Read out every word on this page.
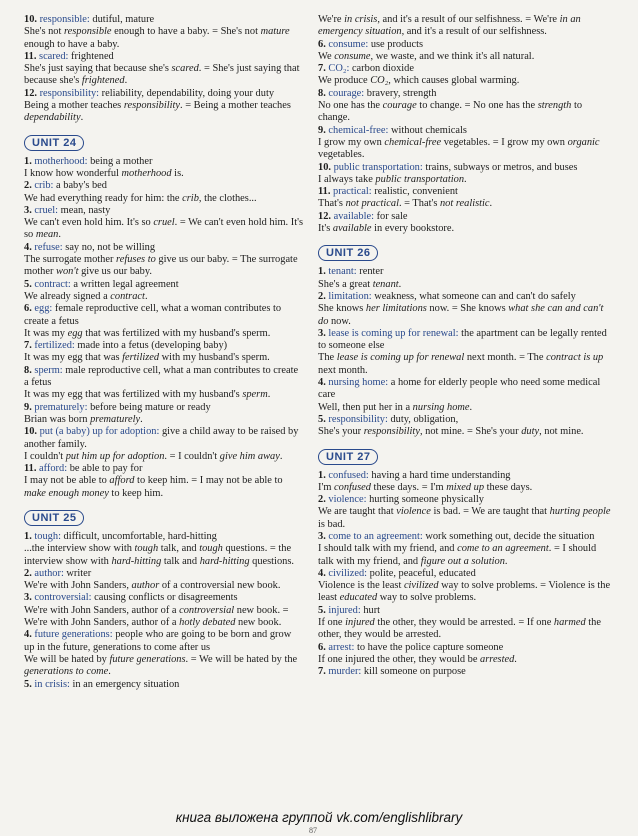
10. responsible: dutiful, mature

She's not responsible enough to have a baby. = She's not mature enough to have a baby.

11. scared: frightened

She's just saying that because she's scared. = She's just saying that because she's frightened.

12. responsibility: reliability, dependability, doing your duty

Being a mother teaches responsibility. = Being a mother teaches dependability.

UNIT 24

1. motherhood: being a mother

I know how wonderful motherhood is.

2. crib: a baby's bed

We had everything ready for him: the crib, the clothes...

3. cruel: mean, nasty

We can't even hold him. It's so cruel. = We can't even hold him. It's so mean.

4. refuse: say no, not be willing

The surrogate mother refuses to give us our baby. = The surrogate mother won't give us our baby.

5. contract: a written legal agreement

We already signed a contract.

6. egg: female reproductive cell, what a woman contributes to create a fetus

It was my egg that was fertilized with my husband's sperm.

7. fertilized: made into a fetus (developing baby)

It was my egg that was fertilized with my husband's sperm.

8. sperm: male reproductive cell, what a man contributes to create a fetus

It was my egg that was fertilized with my husband's sperm.

9. prematurely: before being mature or ready

Brian was born prematurely.

10. put (a baby) up for adoption: give a child away to be raised by another family.

I couldn't put him up for adoption. = I couldn't give him away.

11. afford: be able to pay for

I may not be able to afford to keep him. = I may not be able to make enough money to keep him.

UNIT 25

1. tough: difficult, uncomfortable, hard-hitting

...the interview show with tough talk, and tough questions. = the interview show with hard-hitting talk and hard-hitting questions.

2. author: writer

We're with John Sanders, author of a controversial new book.

3. controversial: causing conflicts or disagreements

We're with John Sanders, author of a controversial new book. = We're with John Sanders, author of a hotly debated new book.

4. future generations: people who are going to be born and grow up in the future, generations to come after us

We will be hated by future generations. = We will be hated by the generations to come.

5. in crisis: in an emergency situation

We're in crisis, and it's a result of our selfishness. = We're in an emergency situation, and it's a result of our selfishness.

6. consume: use products

We consume, we waste, and we think it's all natural.

7. CO₂: carbon dioxide

We produce CO₂, which causes global warming.

8. courage: bravery, strength

No one has the courage to change. = No one has the strength to change.

9. chemical-free: without chemicals

I grow my own chemical-free vegetables. = I grow my own organic vegetables.

10. public transportation: trains, subways or metros, and buses

I always take public transportation.

11. practical: realistic, convenient

That's not practical. = That's not realistic.

12. available: for sale

It's available in every bookstore.

UNIT 26

1. tenant: renter

She's a great tenant.

2. limitation: weakness, what someone can and can't do safely

She knows her limitations now. = She knows what she can and can't do now.

3. lease is coming up for renewal: the apartment can be legally rented to someone else

The lease is coming up for renewal next month. = The contract is up next month.

4. nursing home: a home for elderly people who need some medical care

Well, then put her in a nursing home.

5. responsibility: duty, obligation,

She's your responsibility, not mine. = She's your duty, not mine.

UNIT 27

1. confused: having a hard time understanding

I'm confused these days. = I'm mixed up these days.

2. violence: hurting someone physically

We are taught that violence is bad. = We are taught that hurting people is bad.

3. come to an agreement: work something out, decide the situation

I should talk with my friend, and come to an agreement. = I should talk with my friend, and figure out a solution.

4. civilized: polite, peaceful, educated

Violence is the least civilized way to solve problems. = Violence is the least educated way to solve problems.

5. injured: hurt

If one injured the other, they would be arrested. = If one harmed the other, they would be arrested.

6. arrest: to have the police capture someone

If one injured the other, they would be arrested.

7. murder: kill someone on purpose

книга выложена группой vk.com/englishlibrary
87
